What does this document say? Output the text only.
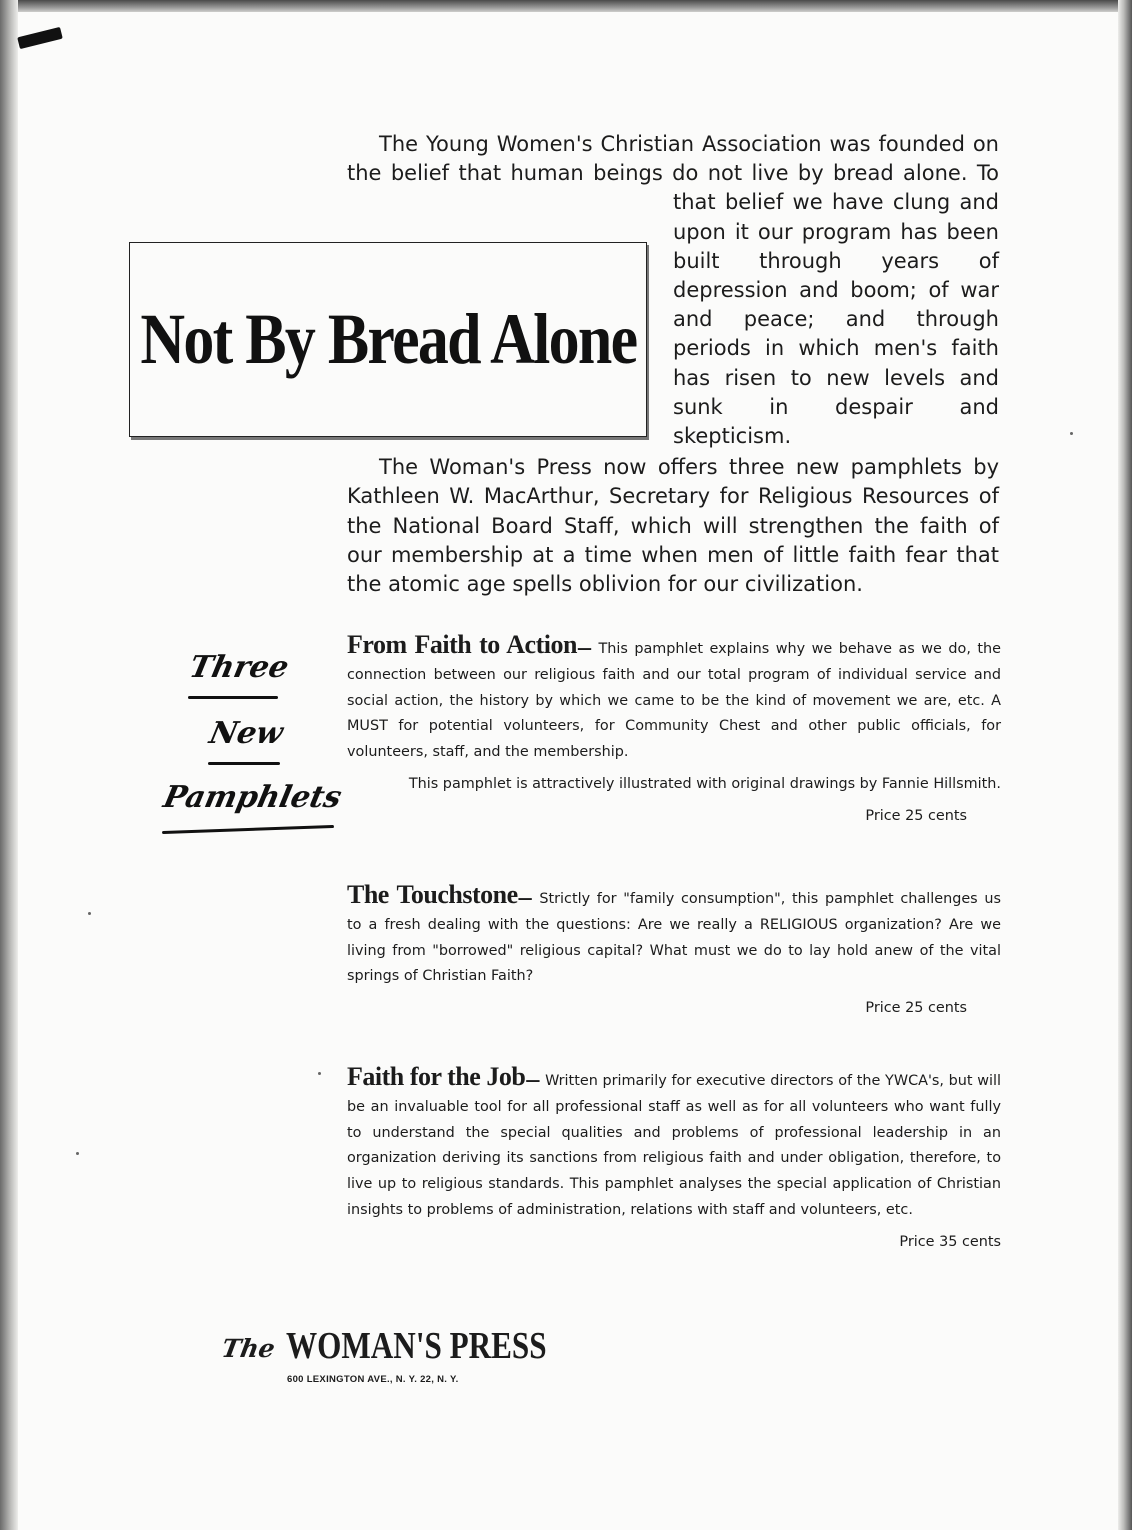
The Young Women's Christian Association was founded on the belief that human beings do not live by bread alone. To that belief we have clung and upon it our program has been built through years of depression and boom; of war and peace; and through periods in which men's faith has risen to new levels and sunk in despair and skepticism.

The Woman's Press now offers three new pamphlets by Kathleen W. MacArthur, Secretary for Religious Resources of the National Board Staff, which will strengthen the faith of our membership at a time when men of little faith fear that the atomic age spells oblivion for our civilization.

Not By Bread Alone
Three
New
Pamphlets
From Faith to Action— This pamphlet explains why we behave as we do, the connection between our religious faith and our total program of individual service and social action, the history by which we came to be the kind of movement we are, etc. A MUST for potential volunteers, for Community Chest and other public officials, for volunteers, staff, and the membership.
This pamphlet is attractively illustrated with original drawings by Fannie Hillsmith.
Price 25 cents
The Touchstone— Strictly for "family consumption", this pamphlet challenges us to a fresh dealing with the questions: Are we really a RELIGIOUS organization? Are we living from "borrowed" religious capital? What must we do to lay hold anew of the vital springs of Christian Faith?
Price 25 cents
Faith for the Job— Written primarily for executive directors of the YWCA's, but will be an invaluable tool for all professional staff as well as for all volunteers who want fully to understand the special qualities and problems of professional leadership in an organization deriving its sanctions from religious faith and under obligation, therefore, to live up to religious standards. This pamphlet analyses the special application of Christian insights to problems of administration, relations with staff and volunteers, etc.
Price 35 cents
The WOMAN'S PRESS
600 LEXINGTON AVE., N. Y. 22, N. Y.
